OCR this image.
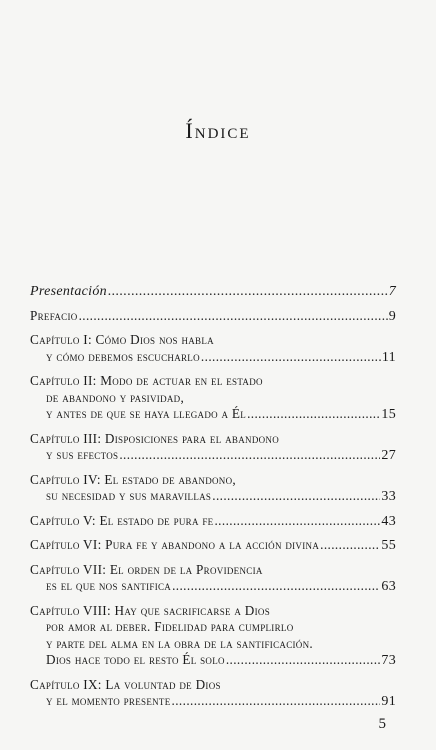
Índice
Presentación .....	7
Prefacio .....	9
Capítulo I: Cómo Dios nos habla
y cómo debemos escucharlo .....	11
Capítulo II: Modo de actuar en el estado
de abandono y pasividad,
y antes de que se haya llegado a Él .....	15
Capítulo III: Disposiciones para el abandono
y sus efectos .....	27
Capítulo IV: El estado de abandono,
su necesidad y sus maravillas .....	33
Capítulo V: El estado de pura fe .....	43
Capítulo VI: Pura fe y abandono a la acción divina .....	55
Capítulo VII: El orden de la Providencia
es el que nos santifica .....	63
Capítulo VIII: Hay que sacrificarse a Dios
por amor al deber. Fidelidad para cumplirlo
y parte del alma en la obra de la santificación.
Dios hace todo el resto Él solo .....	73
Capítulo IX: La voluntad de Dios
y el momento presente .....	91
5
